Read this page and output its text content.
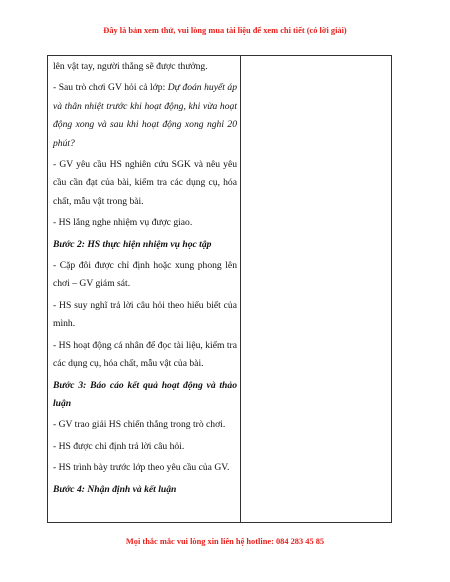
Đây là bản xem thử, vui lòng mua tài liệu để xem chi tiết (có lời giải)

lên vật tay, người thắng sẽ được thưởng.

- Sau trò chơi GV hỏi cả lớp: Dự đoán huyết áp và thân nhiệt trước khi hoạt động, khi vừa hoạt động xong và sau khi hoạt động xong nghỉ 20 phút?

- GV yêu cầu HS nghiên cứu SGK và nêu yêu cầu cần đạt của bài, kiểm tra các dụng cụ, hóa chất, mẫu vật trong bài.

- HS lắng nghe nhiệm vụ được giao.

Bước 2: HS thực hiện nhiệm vụ học tập

- Cặp đôi được chỉ định hoặc xung phong lên chơi – GV giám sát.

- HS suy nghĩ trả lời câu hỏi theo hiểu biết của mình.

- HS hoạt động cá nhân để đọc tài liệu, kiểm tra các dụng cụ, hóa chất, mẫu vật của bài.

Bước 3: Báo cáo kết quả hoạt động và thảo luận

- GV trao giải HS chiến thắng trong trò chơi.

- HS được chỉ định trả lời câu hỏi.

- HS trình bày trước lớp theo yêu cầu của GV.

Bước 4: Nhận định và kết luận

Mọi thắc mắc vui lòng xin liên hệ hotline: 084 283 45 85
